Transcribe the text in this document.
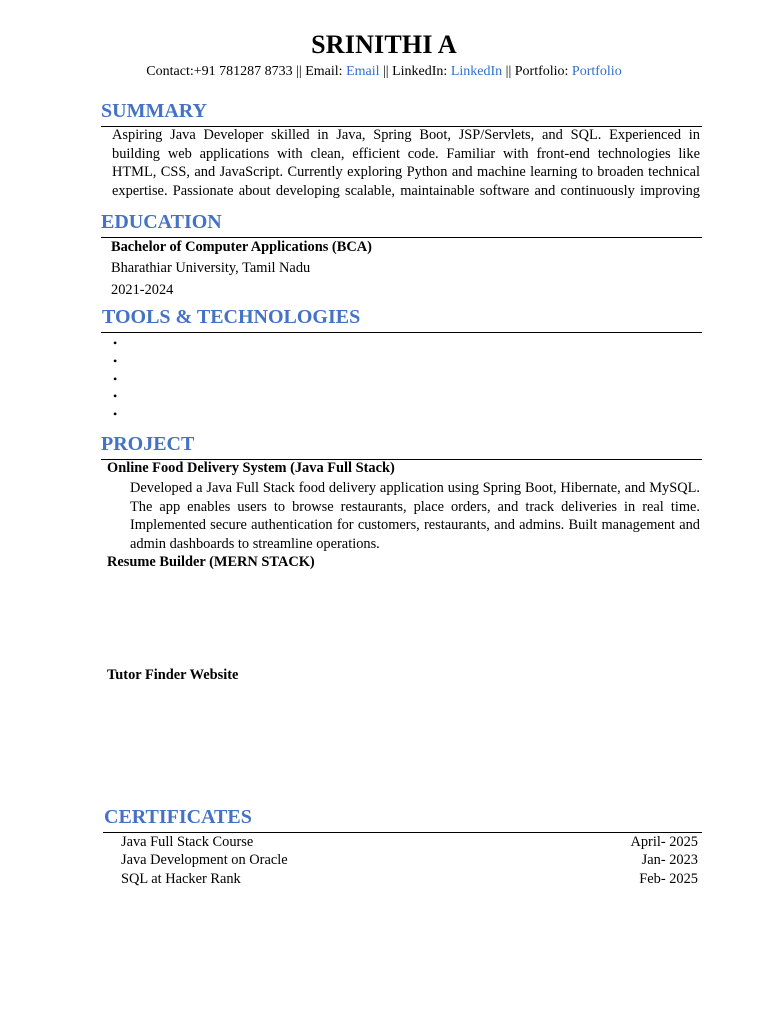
SRINITHI A
Contact:+91 781287 8733 || Email: Email || LinkedIn: LinkedIn || Portfolio: Portfolio
SUMMARY
Aspiring Java Developer skilled in Java, Spring Boot, JSP/Servlets, and SQL. Experienced in building web applications with clean, efficient code. Familiar with front-end technologies like HTML, CSS, and JavaScript. Currently exploring Python and machine learning to broaden technical expertise. Passionate about developing scalable, maintainable software and continuously improving
EDUCATION
Bachelor of Computer Applications (BCA)
Bharathiar University, Tamil Nadu
2021-2024
TOOLS & TECHNOLOGIES
•
•
•
•
•
PROJECT
Online Food Delivery System (Java Full Stack)
Developed a Java Full Stack food delivery application using Spring Boot, Hibernate, and MySQL. The app enables users to browse restaurants, place orders, and track deliveries in real time. Implemented secure authentication for customers, restaurants, and admins. Built management and admin dashboards to streamline operations.
Resume Builder (MERN STACK)
Tutor Finder Website
CERTIFICATES
Java Full Stack Course	April- 2025
Java Development on Oracle	Jan- 2023
SQL at Hacker Rank	Feb- 2025
